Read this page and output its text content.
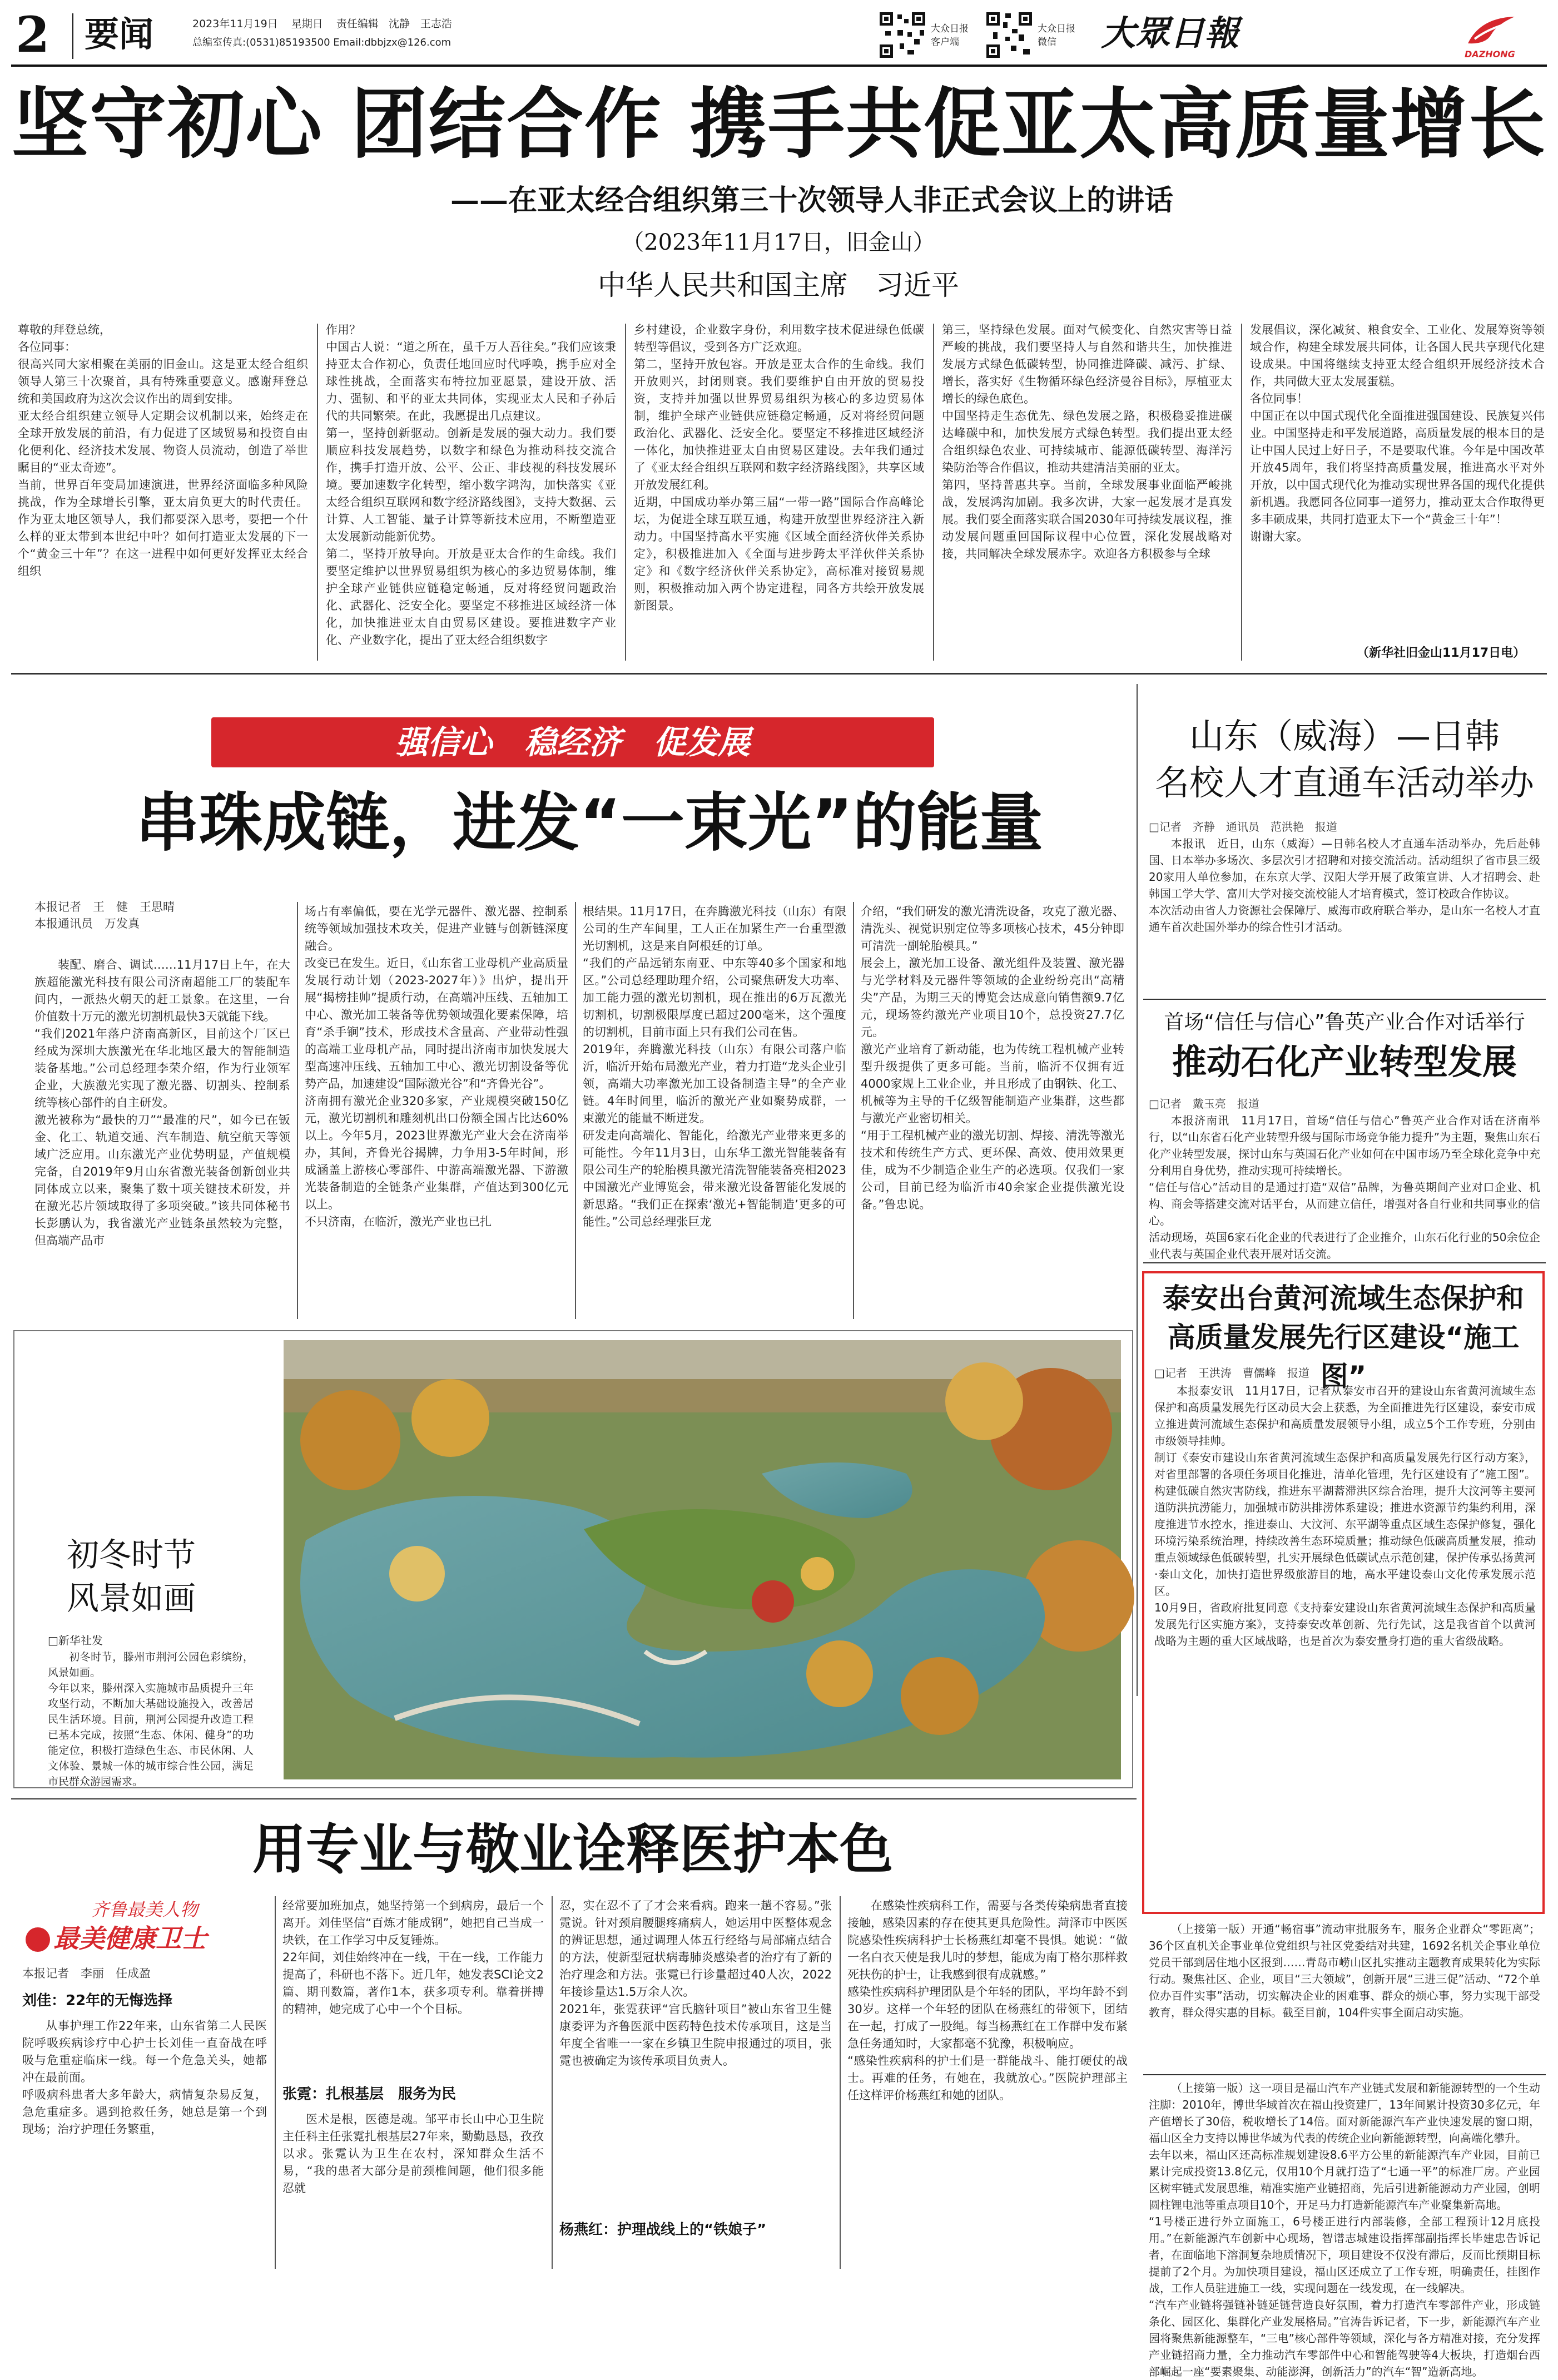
2 要闻	2023年11月19日 星期日 责任编辑 沈静　王志浩
总编室传真:(0531)85193500 Email:dbbjzx@126.com
大众日报
客户端
大众日报
微信	大眾日報
DAZHONG
坚守初心 团结合作 携手共促亚太高质量增长
——在亚太经合组织第三十次领导人非正式会议上的讲话
（2023年11月17日，旧金山）
中华人民共和国主席　习近平

尊敬的拜登总统，
各位同事：
很高兴同大家相聚在美丽的旧金山。这是亚太经合组织领导人第三十次聚首，具有特殊重要意义。感谢拜登总统和美国政府为这次会议作出的周到安排。
亚太经合组织建立领导人定期会议机制以来，始终走在全球开放发展的前沿，有力促进了区域贸易和投资自由化便利化、经济技术发展、物资人员流动，创造了举世瞩目的“亚太奇迹”。
当前，世界百年变局加速演进，世界经济面临多种风险挑战，作为全球增长引擎，亚太肩负更大的时代责任。作为亚太地区领导人，我们都要深入思考，要把一个什么样的亚太带到本世纪中叶？如何打造亚太发展的下一个“黄金三十年”？在这一进程中如何更好发挥亚太经合组织

作用？
中国古人说：“道之所在，虽千万人吾往矣。”我们应该秉持亚太合作初心，负责任地回应时代呼唤，携手应对全球性挑战，全面落实布特拉加亚愿景，建设开放、活力、强韧、和平的亚太共同体，实现亚太人民和子孙后代的共同繁荣。在此，我愿提出几点建议。
第一，坚持创新驱动。创新是发展的强大动力。我们要顺应科技发展趋势，以数字和绿色为推动科技交流合作，携手打造开放、公平、公正、非歧视的科技发展环境。要加速数字化转型，缩小数字鸿沟，加快落实《亚太经合组织互联网和数字经济路线图》，支持大数据、云计算、人工智能、量子计算等新技术应用，不断塑造亚太发展新动能新优势。
第二，坚持开放导向。开放是亚太合作的生命线。我们要坚定维护以世界贸易组织为核心的多边贸易体制，维护全球产业链供应链稳定畅通，反对将经贸问题政治化、武器化、泛安全化。要坚定不移推进区域经济一体化，加快推进亚太自由贸易区建设。要推进数字产业化、产业数字化，提出了亚太经合组织数字

乡村建设，企业数字身份，利用数字技术促进绿色低碳转型等倡议，受到各方广泛欢迎。
第二，坚持开放包容。开放是亚太合作的生命线。我们开放则兴，封闭则衰。我们要维护自由开放的贸易投资，支持并加强以世界贸易组织为核心的多边贸易体制，维护全球产业链供应链稳定畅通，反对将经贸问题政治化、武器化、泛安全化。要坚定不移推进区域经济一体化，加快推进亚太自由贸易区建设。去年我们通过了《亚太经合组织互联网和数字经济路线图》，共享区域开放发展红利。
近期，中国成功举办第三届“一带一路”国际合作高峰论坛，为促进全球互联互通，构建开放型世界经济注入新动力。中国坚持高水平实施《区域全面经济伙伴关系协定》，积极推进加入《全面与进步跨太平洋伙伴关系协定》和《数字经济伙伴关系协定》，高标准对接贸易规则，积极推动加入两个协定进程，同各方共绘开放发展新图景。

第三，坚持绿色发展。面对气候变化、自然灾害等日益严峻的挑战，我们要坚持人与自然和谐共生，加快推进发展方式绿色低碳转型，协同推进降碳、减污、扩绿、增长，落实好《生物循环绿色经济曼谷目标》，厚植亚太增长的绿色底色。
中国坚持走生态优先、绿色发展之路，积极稳妥推进碳达峰碳中和，加快发展方式绿色转型。我们提出亚太经合组织绿色农业、可持续城市、能源低碳转型、海洋污染防治等合作倡议，推动共建清洁美丽的亚太。
第四，坚持普惠共享。当前，全球发展事业面临严峻挑战，发展鸿沟加剧。我多次讲，大家一起发展才是真发展。我们要全面落实联合国2030年可持续发展议程，推动发展问题重回国际议程中心位置，深化发展战略对接，共同解决全球发展赤字。欢迎各方积极参与全球

发展倡议，深化减贫、粮食安全、工业化、发展筹资等领域合作，构建全球发展共同体，让各国人民共享现代化建设成果。中国将继续支持亚太经合组织开展经济技术合作，共同做大亚太发展蛋糕。
各位同事！
中国正在以中国式现代化全面推进强国建设、民族复兴伟业。中国坚持走和平发展道路，高质量发展的根本目的是让中国人民过上好日子，不是要取代谁。今年是中国改革开放45周年，我们将坚持高质量发展，推进高水平对外开放，以中国式现代化为推动实现世界各国的现代化提供新机遇。我愿同各位同事一道努力，推动亚太合作取得更多丰硕成果，共同打造亚太下一个“黄金三十年”！
谢谢大家。

（新华社旧金山11月17日电）
强信心　稳经济　促发展
串珠成链，进发“一束光”的能量
本报记者　王　健　王思晴
本报通讯员　万发真

装配、磨合、调试……11月17日上午，在大族超能激光科技有限公司济南超能工厂的装配车间内，一派热火朝天的赶工景象。在这里，一台价值数十万元的激光切割机最快3天就能下线。
“我们2021年落户济南高新区，目前这个厂区已经成为深圳大族激光在华北地区最大的智能制造装备基地。”公司总经理李荣介绍，作为行业领军企业，大族激光实现了激光器、切割头、控制系统等核心部件的自主研发。
激光被称为“最快的刀”“最准的尺”，如今已在钣金、化工、轨道交通、汽车制造、航空航天等领域广泛应用。山东激光产业优势明显，产值规模完备，自2019年9月山东省激光装备创新创业共同体成立以来，聚集了数十项关键技术研发，并在激光芯片领域取得了多项突破。”该共同体秘书长彭鹏认为，我省激光产业链条虽然较为完整，但高端产品市

场占有率偏低，要在光学元器件、激光器、控制系统等领域加强技术攻关，促进产业链与创新链深度融合。
改变已在发生。近日，《山东省工业母机产业高质量发展行动计划（2023-2027年）》出炉，提出开展“揭榜挂帅”提质行动，在高端冲压线、五轴加工中心、激光加工装备等优势领域强化要素保障，培育“杀手锏”技术，形成技术含量高、产业带动性强的高端工业母机产品，同时提出济南市加快发展大型高速冲压线、五轴加工中心、激光切割设备等优势产品，加速建设“国际激光谷”和“齐鲁光谷”。
济南拥有激光企业320多家，产业规模突破150亿元，激光切割机和雕刻机出口份额全国占比达60%以上。今年5月，2023世界激光产业大会在济南举办，其间，齐鲁光谷揭牌，力争用3-5年时间，形成涵盖上游核心零部件、中游高端激光器、下游激光装备制造的全链条产业集群，产值达到300亿元以上。
不只济南，在临沂，激光产业也已扎

根结果。11月17日，在奔腾激光科技（山东）有限公司的生产车间里，工人正在加紧生产一台重型激光切割机，这是来自阿根廷的订单。
“我们的产品远销东南亚、中东等40多个国家和地区。”公司总经理助理介绍，公司聚焦研发大功率、加工能力强的激光切割机，现在推出的6万瓦激光切割机，切割极限厚度已超过200毫米，这个强度的切割机，目前市面上只有我们公司在售。
2019年，奔腾激光科技（山东）有限公司落户临沂，临沂开始布局激光产业，着力打造“龙头企业引领，高端大功率激光加工设备制造主导”的全产业链。4年时间里，临沂的激光产业如聚势成群，一束激光的能量不断迸发。
研发走向高端化、智能化，给激光产业带来更多的可能性。今年11月3日，山东华工激光智能装备有限公司生产的轮胎模具激光清洗智能装备亮相2023中国激光产业博览会，带来激光设备智能化发展的新思路。“我们正在探索‘激光+智能制造’更多的可能性。”公司总经理张巨龙

介绍，“我们研发的激光清洗设备，攻克了激光器、清洗头、视觉识别定位等多项核心技术，45分钟即可清洗一副轮胎模具。”
展会上，激光加工设备、激光组件及装置、激光器与光学材料及元器件等领域的企业纷纷亮出“高精尖”产品，为期三天的博览会达成意向销售额9.7亿元，现场签约激光产业项目10个，总投资27.7亿元。
激光产业培育了新动能，也为传统工程机械产业转型升级提供了更多可能。当前，临沂不仅拥有近4000家规上工业企业，并且形成了由钢铁、化工、机械等为主导的千亿级智能制造产业集群，这些都与激光产业密切相关。
“用于工程机械产业的激光切割、焊接、清洗等激光技术和传统生产方式、更环保、高效、使用效果更佳，成为不少制造企业生产的必选项。仅我们一家公司，目前已经为临沂市40余家企业提供激光设备。”鲁忠说。

山东（威海）—日韩
名校人才直通车活动举办
□记者　齐静　通讯员　范洪艳　报道

本报讯　近日，山东（威海）—日韩名校人才直通车活动举办，先后赴韩国、日本举办多场次、多层次引才招聘和对接交流活动。活动组织了省市县三级20家用人单位参加，在东京大学、汉阳大学开展了政策宣讲、人才招聘会、赴韩国工学大学、富川大学对接交流校能人才培育模式，签订校政合作协议。
本次活动由省人力资源社会保障厅、威海市政府联合举办，是山东一名校人才直通车首次赴国外举办的综合性引才活动。

首场“信任与信心”鲁英产业合作对话举行
推动石化产业转型发展
□记者　戴玉亮　报道

本报济南讯　11月17日，首场“信任与信心”鲁英产业合作对话在济南举行，以“山东省石化产业转型升级与国际市场竞争能力提升”为主题，聚焦山东石化产业转型发展，探讨山东与英国石化产业如何在中国市场乃至全球化竞争中充分利用自身优势，推动实现可持续增长。
“信任与信心”活动目的是通过打造“双信”品牌，为鲁英期间产业对口企业、机构、商会等搭建交流对话平台，从而建立信任，增强对各自行业和共同事业的信心。
活动现场，英国6家石化企业的代表进行了企业推介，山东石化行业的50余位企业代表与英国企业代表开展对话交流。

泰安出台黄河流域生态保护和
高质量发展先行区建设“施工图”
□记者　王洪涛　曹儒峰　报道

本报泰安讯　11月17日，记者从泰安市召开的建设山东省黄河流域生态保护和高质量发展先行区动员大会上获悉，为全面推进先行区建设，泰安市成立推进黄河流域生态保护和高质量发展领导小组，成立5个工作专班，分别由市级领导挂帅。
制订《泰安市建设山东省黄河流域生态保护和高质量发展先行区行动方案》，对省里部署的各项任务项目化推进，清单化管理，先行区建设有了“施工图”。构建低碳自然灾害防线，推进东平湖蓄滞洪区综合治理，提升大汶河等主要河道防洪抗涝能力，加强城市防洪排涝体系建设；推进水资源节约集约利用，深度推进节水控水，推进泰山、大汶河、东平湖等重点区域生态保护修复，强化环境污染系统治理，持续改善生态环境质量；推动绿色低碳高质量发展，推动重点领域绿色低碳转型，扎实开展绿色低碳试点示范创建，保护传承弘扬黄河·泰山文化，加快打造世界级旅游目的地，高水平建设泰山文化传承发展示范区。
10月9日，省政府批复同意《支持泰安建设山东省黄河流域生态保护和高质量发展先行区实施方案》，支持泰安改革创新、先行先试，这是我省首个以黄河战略为主题的重大区域战略，也是首次为泰安量身打造的重大省级战略。

（上接第一版）开通“畅宿事”流动审批服务车，服务企业群众“零距离”；36个区直机关企事业单位党组织与社区党委结对共建，1692名机关企事业单位党员干部到居住地小区报到……青岛市崂山区扎实推动主题教育成果转化为实际行动。聚焦社区、企业，项目“三大领域”，创新开展“三进三促”活动、“72个单位办百件实事”活动，切实解决企业的困难事、群众的烦心事，努力实现干部受教育，群众得实惠的目标。截至目前，104件实事全面启动实施。

（上接第一版）这一项目是福山汽车产业链式发展和新能源转型的一个生动注脚：2010年，博世华域首次在福山投资建厂，13年间累计投资30多亿元，年产值增长了30倍，税收增长了14倍。面对新能源汽车产业快速发展的窗口期，福山区全力支持以博世华域为代表的传统企业向新能源转型，向高端化攀升。
去年以来，福山区还高标准规划建设8.6平方公里的新能源汽车产业园，目前已累计完成投资13.8亿元，仅用10个月就打造了“七通一平”的标准厂房。产业园区树牢链式发展思维，精准实施产业链招商，先后引进新能源动力产业园，创明圆柱锂电池等重点项目10个，开足马力打造新能源汽车产业聚集新高地。
“1号楼正进行外立面施工，6号楼正进行内部装修，全部工程预计12月底投用。”在新能源汽车创新中心现场，智谱志城建设指挥部副指挥长毕建忠告诉记者，在面临地下溶洞复杂地质情况下，项目建设不仅没有滞后，反而比预期目标提前了2个月。为加快项目建设，福山区还成立了工作专班，明确责任，挂图作战，工作人员驻进施工一线，实现问题在一线发现，在一线解决。
“汽车产业链将强链补链延链营造良好氛围，着力打造汽车零部件产业，形成链条化、园区化、集群化产业发展格局。”官涛告诉记者，下一步，新能源汽车产业园将聚焦新能源整车，“三电”核心部件等领域，深化与各方精准对接，充分发挥产业链招商力量，全力推动汽车零部件中心和智能驾驶等4大板块，打造烟台西部崛起一座“要素聚集、动能澎湃，创新活力”的汽车“智”造新高地。

初冬时节
风景如画
□新华社发

初冬时节，滕州市荆河公园色彩缤纷，风景如画。
今年以来，滕州深入实施城市品质提升三年攻坚行动，不断加大基础设施投入，改善居民生活环境。目前，荆河公园提升改造工程已基本完成，按照“生态、休闲、健身”的功能定位，积极打造绿色生态、市民休闲、人文体验、景城一体的城市综合性公园，满足市民群众游园需求。

用专业与敬业诠释医护本色
齐鲁最美人物
最美健康卫士
本报记者　李丽　任成盈
刘佳：22年的无悔选择

从事护理工作22年来，山东省第二人民医院呼吸疾病诊疗中心护士长刘佳一直奋战在呼吸与危重症临床一线。每一个危急关头，她都冲在最前面。
呼吸病科患者大多年龄大，病情复杂易反复，急危重症多。遇到抢救任务，她总是第一个到现场；治疗护理任务繁重，

经常要加班加点，她坚持第一个到病房，最后一个离开。刘佳坚信“百炼才能成钢”，她把自己当成一块铁，在工作学习中反复锤炼。
22年间，刘佳始终冲在一线，干在一线，工作能力提高了，科研也不落下。近几年，她发表SCI论文2篇、期刊数篇，著作1本，获多项专利。靠着拼搏的精神，她完成了心中一个个目标。

张霓：扎根基层　服务为民

医术是根，医德是魂。邹平市长山中心卫生院主任科主任张霓扎根基层27年来，勤勤恳恳，孜孜以求。张霓认为卫生在农村，深知群众生活不易，“我的患者大部分是前颈椎间题，他们很多能忍就

忍，实在忍不了了才会来看病。跑来一趟不容易。”张霓说。针对颈肩腰腿疼痛病人，她运用中医整体观念的辨证思想，通过调理人体五行经络与局部痛点结合的方法，使新型冠状病毒肺炎感染者的治疗有了新的治疗理念和方法。张霓已行诊量超过40人次，2022年接诊量达1.5万余人次。
2021年，张霓获评“宫氏脑针项目”被山东省卫生健康委评为齐鲁医派中医药特色技术传承项目，这是当年度全省唯一一家在乡镇卫生院申报通过的项目，张霓也被确定为该传承项目负责人。

杨燕红：护理战线上的“铁娘子”

在感染性疾病科工作，需要与各类传染病患者直接接触，感染因素的存在使其更具危险性。菏泽市中医医院感染性疾病科护士长杨燕红却毫不畏惧。她说：“做一名白衣天使是我儿时的梦想，能成为南丁格尔那样救死扶伤的护士，让我感到很有成就感。”
感染性疾病科护理团队是个年轻的团队，平均年龄不到30岁。这样一个年轻的团队在杨燕红的带领下，团结在一起，打成了一股绳。每当杨燕红在工作群中发布紧急任务通知时，大家都毫不犹豫，积极响应。
“感染性疾病科的护士们是一群能战斗、能打硬仗的战士。再难的任务，有她在，我就放心。”医院护理部主任这样评价杨燕红和她的团队。
